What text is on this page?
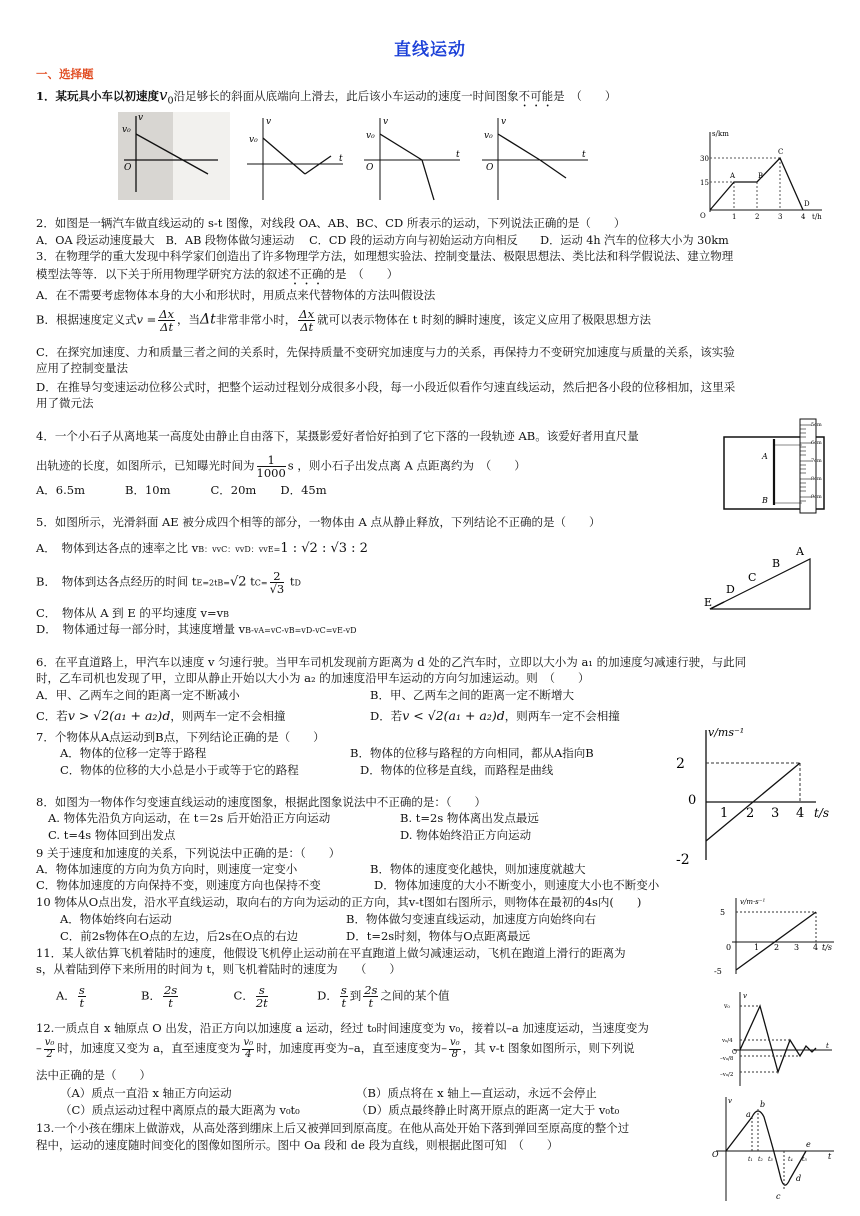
直线运动
一、选择题
1．某玩具小车以初速度$v_0$沿足够长的斜面从底端向上滑去，此后该小车运动的速度一时间图象不可能是　（　　）
v₀
v
O
v₀
v
t
v₀
v
O
t
v₀
v
O
t
s/km
t/h
O
15
30
1	2	3	4
A	B
C
D
2．如图是一辆汽车做直线运动的 s-t 图像，对线段 OA、AB、BC、CD 所表示的运动，下列说法正确的是（　　）
A．OA 段运动速度最大　B．AB 段物体做匀速运动　 C．CD 段的运动方向与初始运动方向相反　　D．运动 4h 汽车的位移大小为 30km
3．在物理学的重大发现中科学家们创造出了许多物理学方法，如理想实验法、控制变量法、极限思想法、类比法和科学假说法、建立物理
模型法等等．以下关于所用物理学研究方法的叙述不正确的是　（　　）
A．在不需要考虑物体本身的大小和形状时，用质点来代替物体的方法叫假设法
B．根据速度定义式$v = \frac{\Delta x}{\Delta t}$ ，当Δt非常非常小时， $\frac{\Delta x}{\Delta t}$ 就可以表示物体在 t 时刻的瞬时速度，该定义应用了极限思想方法
C．在探究加速度、力和质量三者之间的关系时，先保持质量不变研究加速度与力的关系，再保持力不变研究加速度与质量的关系，该实验
应用了控制变量法
D．在推导匀变速运动位移公式时，把整个运动过程划分成很多小段，每一小段近似看作匀速直线运动，然后把各小段的位移相加，这里采
用了微元法
4．一个小石子从离地某一高度处由静止自由落下，某摄影爱好者恰好拍到了它下落的一段轨迹 AB。该爱好者用直尺量
出轨迹的长度，如图所示，已知曝光时间为 $\frac{1}{1000}$ s ，则小石子出发点离 A 点距离约为　（　　）
A．6.5m	B．10m	C．20m D．45m
5cm
6cm
7cm
8cm
9cm
A
B
5．如图所示，光滑斜面 AE 被分成四个相等的部分，一物体由 A 点从静止释放，下列结论不正确的是（　　）
A．　物体到达各点的速率之比 vB：vvC：vvD：vvE=1 : √2 : √3 : 2
B．　物体到达各点经历的时间 tE=2tB=√2 $tC= \frac{2}{√3}$ tD
C．　物体从 A 到 E 的平均速度 v=vB
D．　物体通过每一部分时，其速度增量 vB-vA=vC-vB=vD-vC=vE-vD
A
B
C
D
E
6．在平直道路上，甲汽车以速度 v 匀速行驶。当甲车司机发现前方距离为 d 处的乙汽车时，立即以大小为 a₁ 的加速度匀减速行驶，与此同
时，乙车司机也发现了甲，立即从静止开始以大小为 a₂ 的加速度沿甲车运动的方向匀加速运动。则　（　　）
A．甲、乙两车之间的距离一定不断减小	B．甲、乙两车之间的距离一定不断增大
C．若v > √2(a₁ + a₂)d，则两车一定不会相撞	D．若v < √2(a₁ + a₂)d，则两车一定不会相撞
7．个物体从A点运动到B点，下列结论正确的是（　　）
A．物体的位移一定等于路程	B．物体的位移与路程的方向相同，都从A指向B
C．物体的位移的大小总是小于或等于它的路程	D．物体的位移是直线，而路程是曲线
v/ms⁻¹
2
0
-2
1 2 3 4 t/s
8．如图为一物体作匀变速直线运动的速度图象，根据此图象说法中不正确的是：（　　）
A. 物体先沿负方向运动，在 t＝2s 后开始沿正方向运动	B. t=2s 物体离出发点最远
C. t=4s 物体回到出发点	D. 物体始终沿正方向运动
9 关于速度和加速度的关系，下列说法中正确的是：（　　）
A．物体加速度的方向为负方向时，则速度一定变小	B．物体的速度变化越快，则加速度就越大
C．物体加速度的方向保持不变，则速度方向也保持不变	D．物体加速度的大小不断变小，则速度大小也不断变小
10 物体从O点出发，沿水平直线运动，取向右的方向为运动的正方向，其v-t图如右图所示，则物体在最初的4s内(　　)
A．物体始终向右运动	B．物体做匀变速直线运动，加速度方向始终向右
C．前2s物体在O点的左边，后2s在O点的右边	D．t=2s时刻，物体与O点距离最远
v/m·s⁻¹
5
-5
0	1 2 3 4 t/s
11．某人欲估算飞机着陆时的速度，他假设飞机停止运动前在平直跑道上做匀减速运动，飞机在跑道上滑行的距离为
s，从着陆到停下来所用的时间为 t，则飞机着陆时的速度为　　（　　）
A． $\frac{s}{t}$	B． $\frac{2s}{t}$	C． $\frac{s}{2t}$	D． $\frac{s}{t}$ 到 $\frac{2s}{t}$ 之间的某个值	v
v₀
v₀/4
O
–v₀/8
–v₀/2
t
12.一质点自 x 轴原点 O 出发，沿正方向以加速度 a 运动，经过 t₀时间速度变为 v₀，接着以–a 加速度运动，当速度变为
– $\frac{\text{v₀}}{2}$ 时，加速度又变为 a，直至速度变为 $\frac{\text{v₀}}{4}$ 时，加速度再变为–a，直至速度变为– $\frac{\text{v₀}}{8}$ ，其 v-t 图象如图所示，则下列说
法中正确的是（　　）
（A）质点一直沿 x 轴正方向运动	（B）质点将在 x 轴上—直运动，永远不会停止
（C）质点运动过程中离原点的最大距离为 v₀t₀	（D）质点最终静止时离开原点的距离一定大于 v₀t₀
13.一个小孩在绷床上做游戏，从高处落到绷床上后又被弹回到原高度。在他从高处开始下落到弹回至原高度的整个过
程中，运动的速度随时间变化的图像如图所示。图中 Oa 段和 de 段为直线，则根据此图可知　（　　）
v
O
a
b
c
d
e
t
t₁ t₂ t₃	t₄ t₅
